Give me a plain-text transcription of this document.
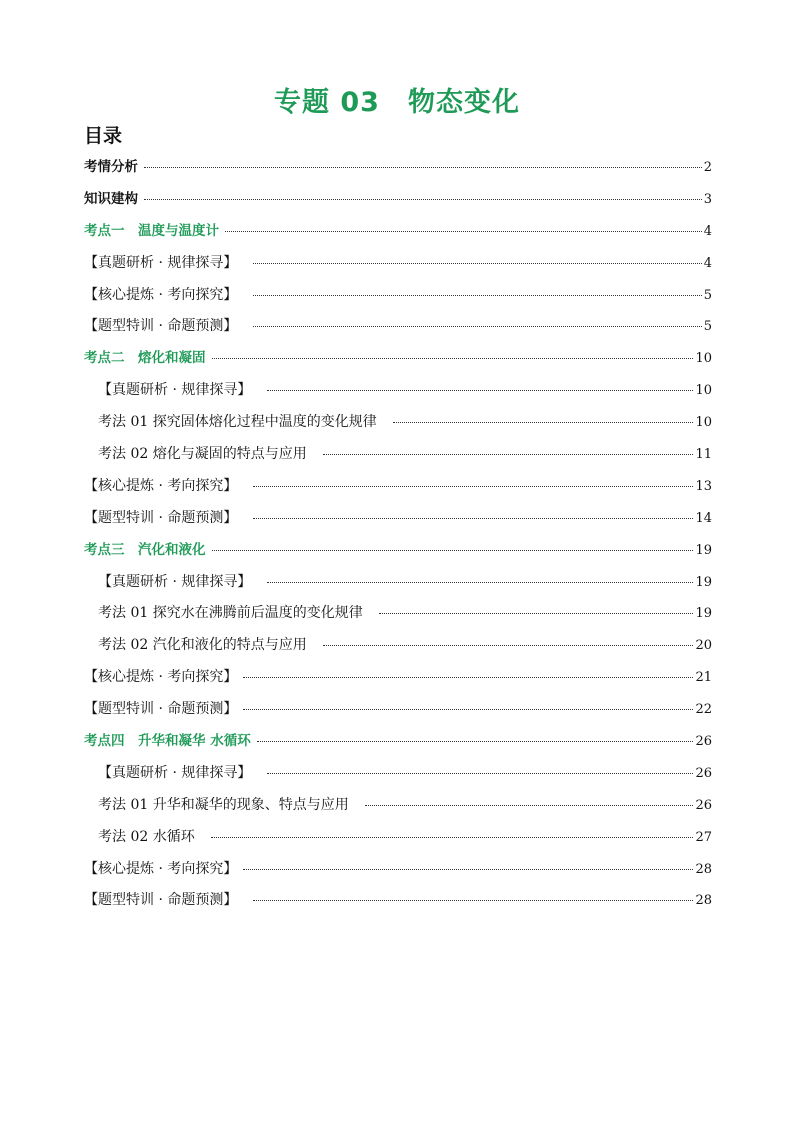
专题 03　物态变化
目录
考情分析	2
知识建构	3
考点一　温度与温度计	4
【真题研析 · 规律探寻】	4
【核心提炼 · 考向探究】	5
【题型特训 · 命题预测】	5
考点二　熔化和凝固	10
【真题研析 · 规律探寻】	10
考法 01 探究固体熔化过程中温度的变化规律	10
考法 02 熔化与凝固的特点与应用	11
【核心提炼 · 考向探究】	13
【题型特训 · 命题预测】	14
考点三　汽化和液化	19
【真题研析 · 规律探寻】	19
考法 01 探究水在沸腾前后温度的变化规律	19
考法 02 汽化和液化的特点与应用	20
【核心提炼 · 考向探究】	21
【题型特训 · 命题预测】	22
考点四　升华和凝华 水循环	26
【真题研析 · 规律探寻】	26
考法 01 升华和凝华的现象、特点与应用	26
考法 02 水循环	27
【核心提炼 · 考向探究】	28
【题型特训 · 命题预测】	28
